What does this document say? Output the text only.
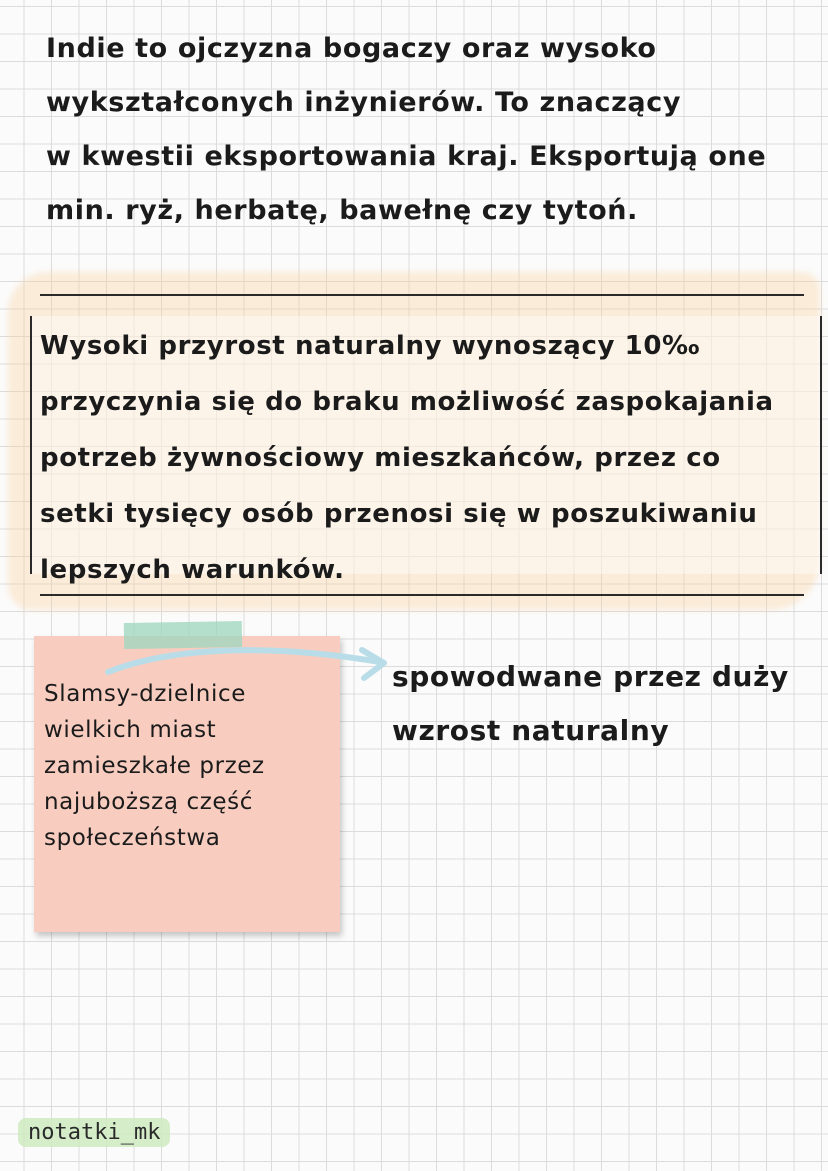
Indie to ojczyzna bogaczy oraz wysoko
wykształconych inżynierów. To znaczący
w kwestii eksportowania kraj. Eksportują one
min. ryż, herbatę, bawełnę czy tytoń.
Wysoki przyrost naturalny wynoszący 10‰
przyczynia się do braku możliwość zaspokajania
potrzeb żywnościowy mieszkańców, przez co
setki tysięcy osób przenosi się w poszukiwaniu
lepszych warunków.
Slamsy-dzielnice
wielkich miast
zamieszkałe przez
najuboższą część
społeczeństwa
spowodwane przez duży
wzrost naturalny
notatki_mk
